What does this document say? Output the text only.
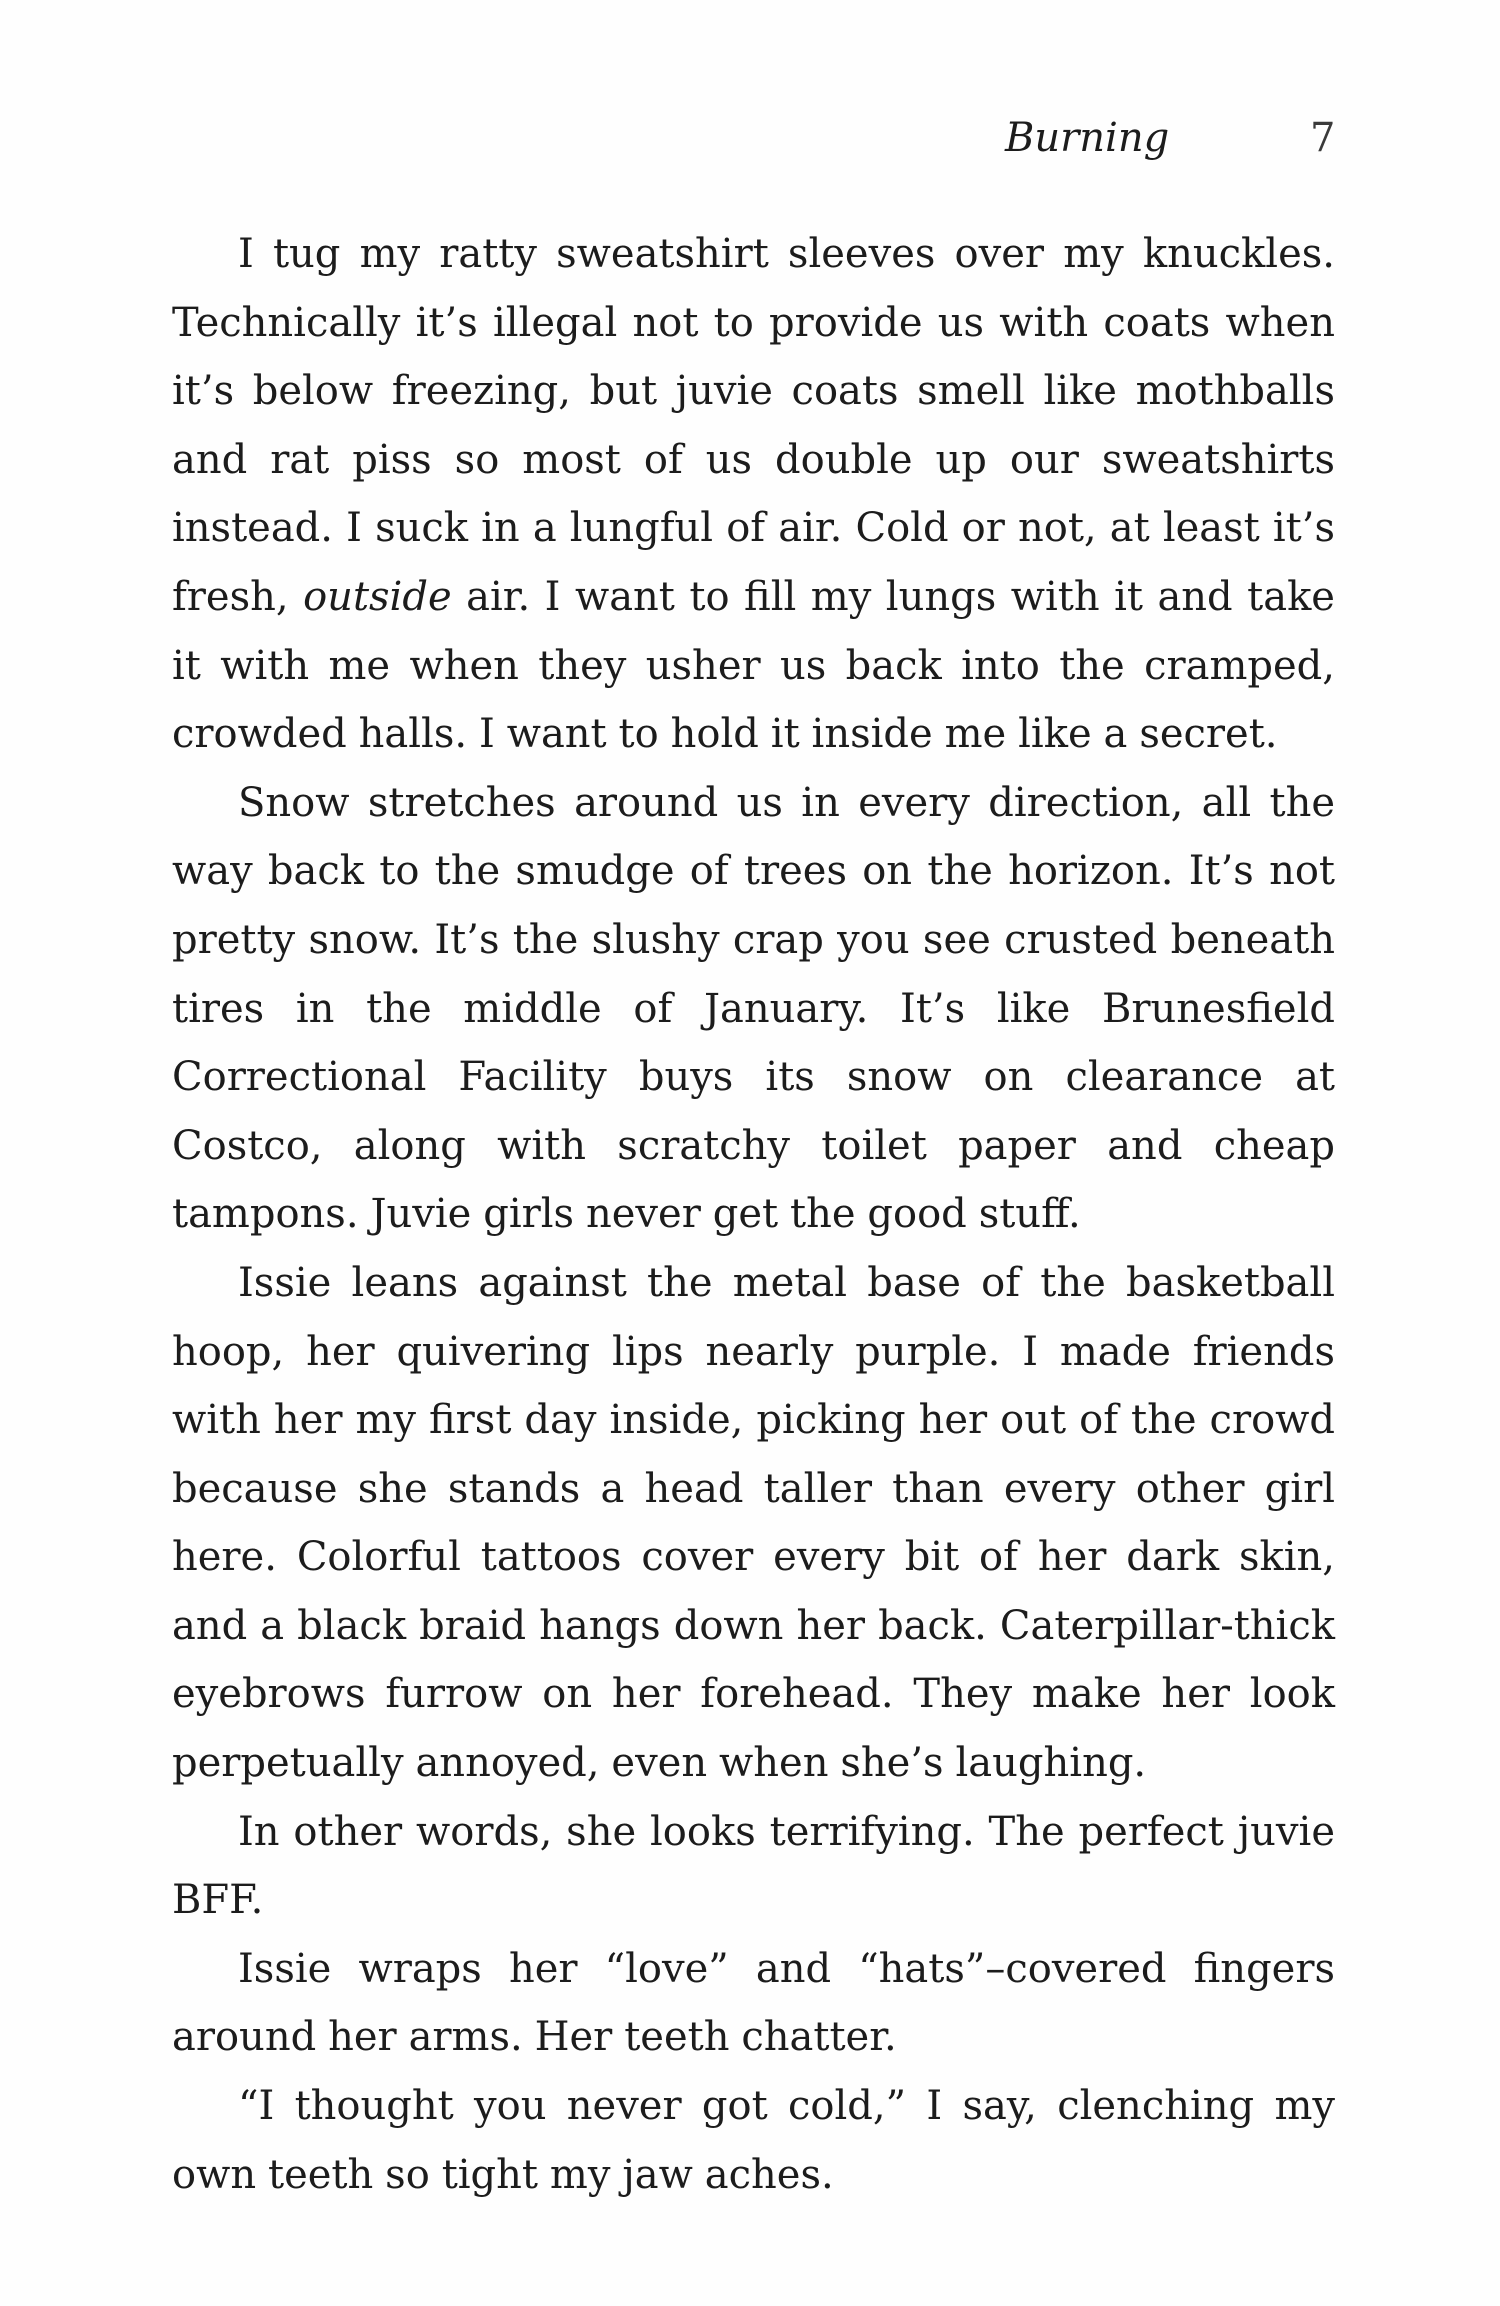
Burning	7

I tug my ratty sweatshirt sleeves over my knuckles. Technically it’s illegal not to provide us with coats when it’s below freezing, but juvie coats smell like mothballs and rat piss so most of us double up our sweatshirts instead. I suck in a lungful of air. Cold or not, at least it’s fresh, outside air. I want to fill my lungs with it and take it with me when they usher us back into the cramped, crowded halls. I want to hold it inside me like a secret.

Snow stretches around us in every direction, all the way back to the smudge of trees on the horizon. It’s not pretty snow. It’s the slushy crap you see crusted beneath tires in the middle of January. It’s like Brunesfield Correctional Facility buys its snow on clearance at Costco, along with scratchy toilet paper and cheap tampons. Juvie girls never get the good stuff.

Issie leans against the metal base of the basketball hoop, her quivering lips nearly purple. I made friends with her my first day inside, picking her out of the crowd because she stands a head taller than every other girl here. Colorful tattoos cover every bit of her dark skin, and a black braid hangs down her back. Caterpillar-thick eyebrows furrow on her forehead. They make her look perpetually annoyed, even when she’s laughing.

In other words, she looks terrifying. The perfect juvie BFF.

Issie wraps her “love” and “hats”–covered fingers around her arms. Her teeth chatter.

“I thought you never got cold,” I say, clenching my own teeth so tight my jaw aches.
